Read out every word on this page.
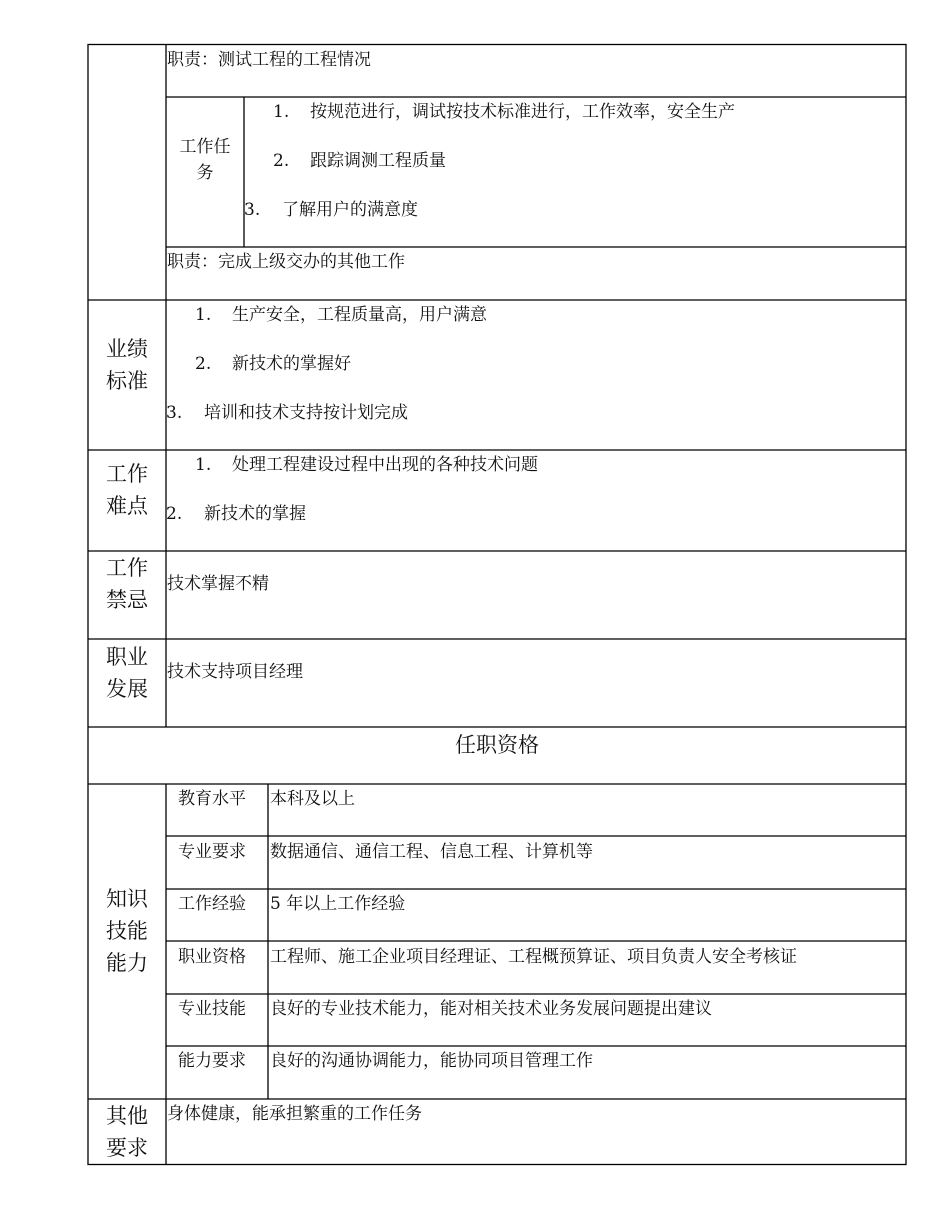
职责：测试工程的工程情况
工作任务
1. 按规范进行，调试按技术标准进行，工作效率，安全生产
2. 跟踪调测工程质量
3. 了解用户的满意度
职责：完成上级交办的其他工作
业绩标准
1. 生产安全，工程质量高，用户满意
2. 新技术的掌握好
3. 培训和技术支持按计划完成
工作难点
1. 处理工程建设过程中出现的各种技术问题
2. 新技术的掌握
工作禁忌
技术掌握不精
职业发展
技术支持项目经理
任职资格
知识技能能力
教育水平 本科及以上
专业要求 数据通信、通信工程、信息工程、计算机等
工作经验 5 年以上工作经验
职业资格 工程师、施工企业项目经理证、工程概预算证、项目负责人安全考核证
专业技能 良好的专业技术能力，能对相关技术业务发展问题提出建议
能力要求 良好的沟通协调能力，能协同项目管理工作
其他要求
身体健康，能承担繁重的工作任务
